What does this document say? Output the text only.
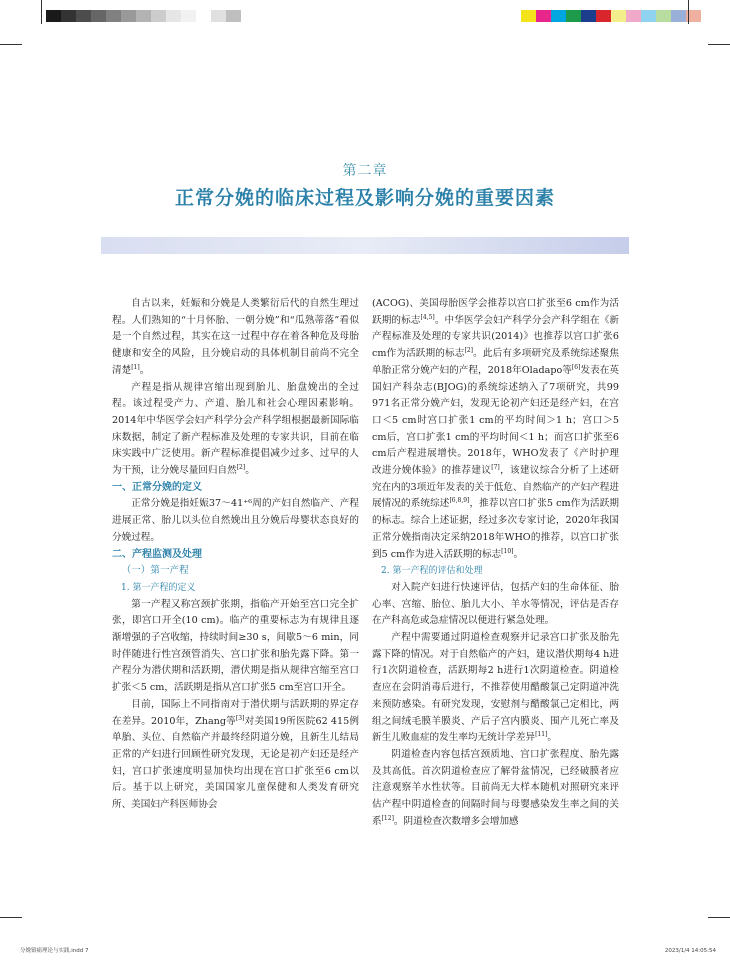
第二章
正常分娩的临床过程及影响分娩的重要因素

自古以来，妊娠和分娩是人类繁衍后代的自然生理过程。人们熟知的“十月怀胎、一朝分娩”和“瓜熟蒂落”看似是一个自然过程，其实在这一过程中存在着各种危及母胎健康和安全的风险，且分娩启动的具体机制目前尚不完全清楚[1]。

产程是指从规律宫缩出现到胎儿、胎盘娩出的全过程。该过程受产力、产道、胎儿和社会心理因素影响。2014年中华医学会妇产科学分会产科学组根据最新国际临床数据，制定了新产程标准及处理的专家共识，目前在临床实践中广泛使用。新产程标准提倡减少过多、过早的人为干预，让分娩尽量回归自然[2]。

一、正常分娩的定义

正常分娩是指妊娠37～41⁺⁶周的产妇自然临产、产程进展正常、胎儿以头位自然娩出且分娩后母婴状态良好的分娩过程。

二、产程监测及处理

（一）第一产程

1. 第一产程的定义

第一产程又称宫颈扩张期，指临产开始至宫口完全扩张，即宫口开全(10 cm)。临产的重要标志为有规律且逐渐增强的子宫收缩，持续时间≥30 s，间歇5～6 min，同时伴随进行性宫颈管消失、宫口扩张和胎先露下降。第一产程分为潜伏期和活跃期，潜伏期是指从规律宫缩至宫口扩张＜5 cm，活跃期是指从宫口扩张5 cm至宫口开全。

目前，国际上不同指南对于潜伏期与活跃期的界定存在差异。2010年，Zhang等[3]对美国19所医院62 415例单胎、头位、自然临产并最终经阴道分娩，且新生儿结局正常的产妇进行回顾性研究发现，无论是初产妇还是经产妇，宫口扩张速度明显加快均出现在宫口扩张至6 cm以后。基于以上研究，美国国家儿童保健和人类发育研究所、美国妇产科医师协会

(ACOG)、美国母胎医学会推荐以宫口扩张至6 cm作为活跃期的标志[4,5]。中华医学会妇产科学分会产科学组在《新产程标准及处理的专家共识(2014)》也推荐以宫口扩张6 cm作为活跃期的标志[2]。此后有多项研究及系统综述聚焦单胎正常分娩产妇的产程，2018年Oladapo等[6]发表在英国妇产科杂志(BJOG)的系统综述纳入了7项研究，共99 971名正常分娩产妇，发现无论初产妇还是经产妇，在宫口＜5 cm时宫口扩张1 cm的平均时间＞1 h；宫口＞5 cm后，宫口扩张1 cm的平均时间＜1 h；而宫口扩张至6 cm后产程进展增快。2018年，WHO发表了《产时护理改进分娩体验》的推荐建议[7]，该建议综合分析了上述研究在内的3项近年发表的关于低危、自然临产的产妇产程进展情况的系统综述[6,8,9]，推荐以宫口扩张5 cm作为活跃期的标志。综合上述证据，经过多次专家讨论，2020年我国正常分娩指南决定采纳2018年WHO的推荐，以宫口扩张到5 cm作为进入活跃期的标志[10]。

2. 第一产程的评估和处理

对入院产妇进行快速评估，包括产妇的生命体征、胎心率、宫缩、胎位、胎儿大小、羊水等情况，评估是否存在产科高危或急症情况以便进行紧急处理。

产程中需要通过阴道检查观察并记录宫口扩张及胎先露下降的情况。对于自然临产的产妇，建议潜伏期每4 h进行1次阴道检查，活跃期每2 h进行1次阴道检查。阴道检查应在会阴消毒后进行，不推荐使用醋酸氯己定阴道冲洗来预防感染。有研究发现，安慰剂与醋酸氯己定相比，两组之间绒毛膜羊膜炎、产后子宫内膜炎、围产儿死亡率及新生儿败血症的发生率均无统计学差异[11]。

阴道检查内容包括宫颈质地、宫口扩张程度、胎先露及其高低。首次阴道检查应了解骨盆情况，已经破膜者应注意观察羊水性状等。目前尚无大样本随机对照研究来评估产程中阴道检查的间隔时间与母婴感染发生率之间的关系[12]。阴道检查次数增多会增加感

分娩镇痛理论与实践.indd 7	2023/1/4 14:05:54
